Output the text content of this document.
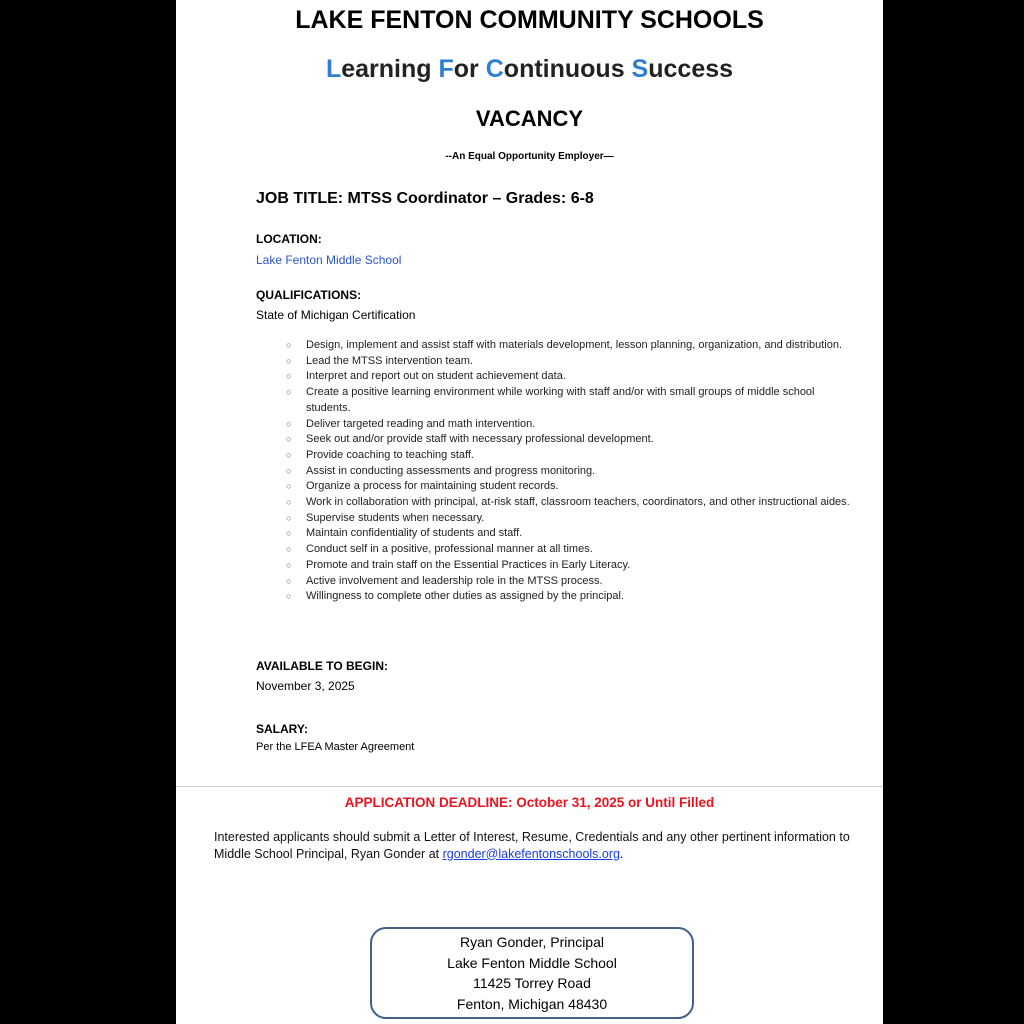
LAKE FENTON COMMUNITY SCHOOLS
Learning For Continuous Success
VACANCY
--An Equal Opportunity Employer—
JOB TITLE: MTSS Coordinator – Grades: 6-8
LOCATION:
Lake Fenton Middle School
QUALIFICATIONS:
State of Michigan Certification
○ Design, implement and assist staff with materials development, lesson planning, organization, and distribution.
○ Lead the MTSS intervention team.
○ Interpret and report out on student achievement data.
○ Create a positive learning environment while working with staff and/or with small groups of middle school students.
○ Deliver targeted reading and math intervention.
○ Seek out and/or provide staff with necessary professional development.
○ Provide coaching to teaching staff.
○ Assist in conducting assessments and progress monitoring.
○ Organize a process for maintaining student records.
○ Work in collaboration with principal, at-risk staff, classroom teachers, coordinators, and other instructional aides.
○ Supervise students when necessary.
○ Maintain confidentiality of students and staff.
○ Conduct self in a positive, professional manner at all times.
○ Promote and train staff on the Essential Practices in Early Literacy.
○ Active involvement and leadership role in the MTSS process.
○ Willingness to complete other duties as assigned by the principal.
AVAILABLE TO BEGIN:
November 3, 2025
SALARY:
Per the LFEA Master Agreement
APPLICATION DEADLINE: October 31, 2025 or Until Filled
Interested applicants should submit a Letter of Interest, Resume, Credentials and any other pertinent information to Middle School Principal, Ryan Gonder at rgonder@lakefentonschools.org.
Ryan Gonder, Principal
Lake Fenton Middle School
11425 Torrey Road
Fenton, Michigan 48430
